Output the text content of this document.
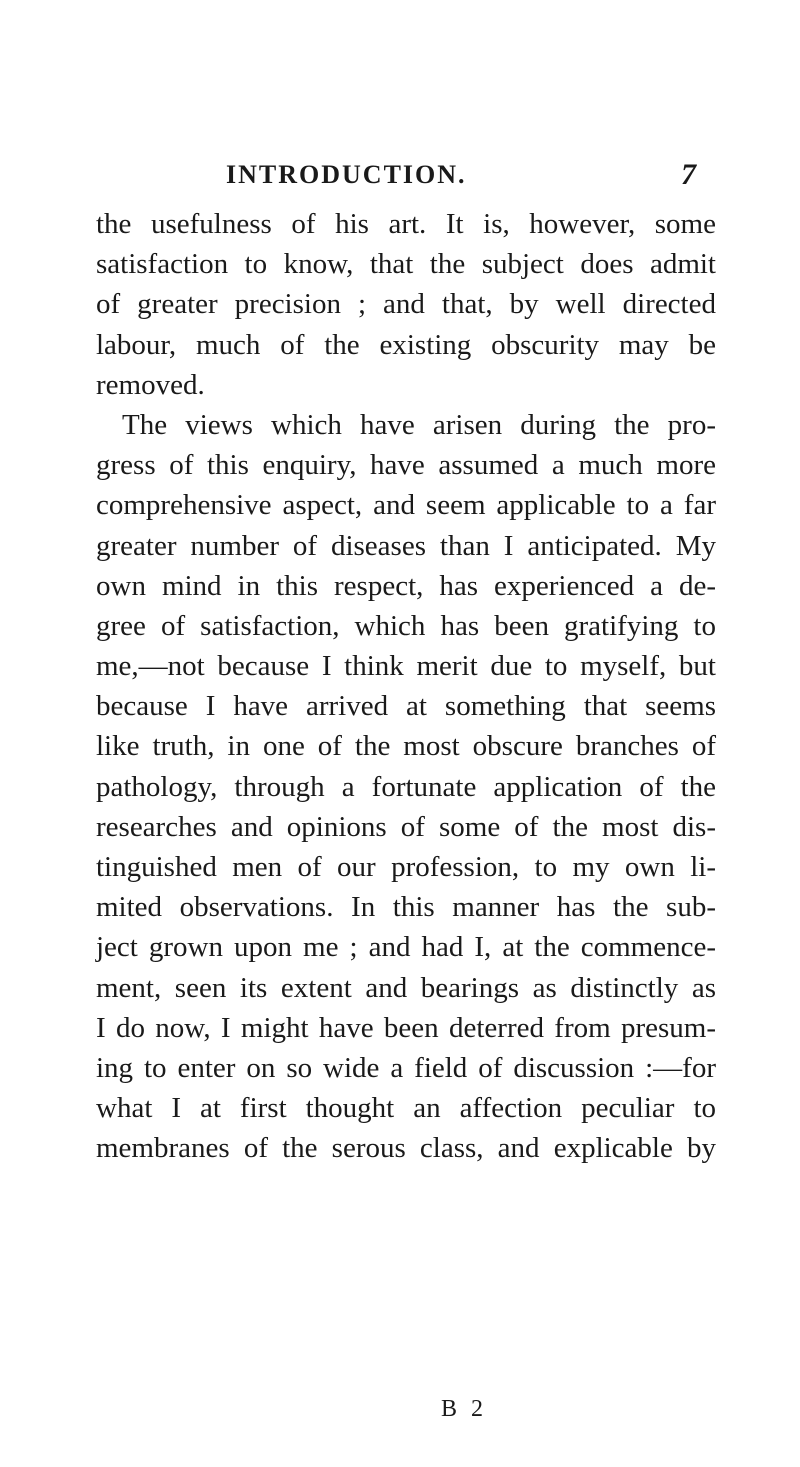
INTRODUCTION.	7
the usefulness of his art. It is, however, some
satisfaction to know, that the subject does admit
of greater precision ; and that, by well directed
labour, much of the existing obscurity may be
removed.
The views which have arisen during the pro-
gress of this enquiry, have assumed a much more
comprehensive aspect, and seem applicable to a far
greater number of diseases than I anticipated. My
own mind in this respect, has experienced a de-
gree of satisfaction, which has been gratifying to
me,—not because I think merit due to myself, but
because I have arrived at something that seems
like truth, in one of the most obscure branches of
pathology, through a fortunate application of the
researches and opinions of some of the most dis-
tinguished men of our profession, to my own li-
mited observations. In this manner has the sub-
ject grown upon me ; and had I, at the commence-
ment, seen its extent and bearings as distinctly as
I do now, I might have been deterred from presum-
ing to enter on so wide a field of discussion :—for
what I at first thought an affection peculiar to
membranes of the serous class, and explicable by
B 2
